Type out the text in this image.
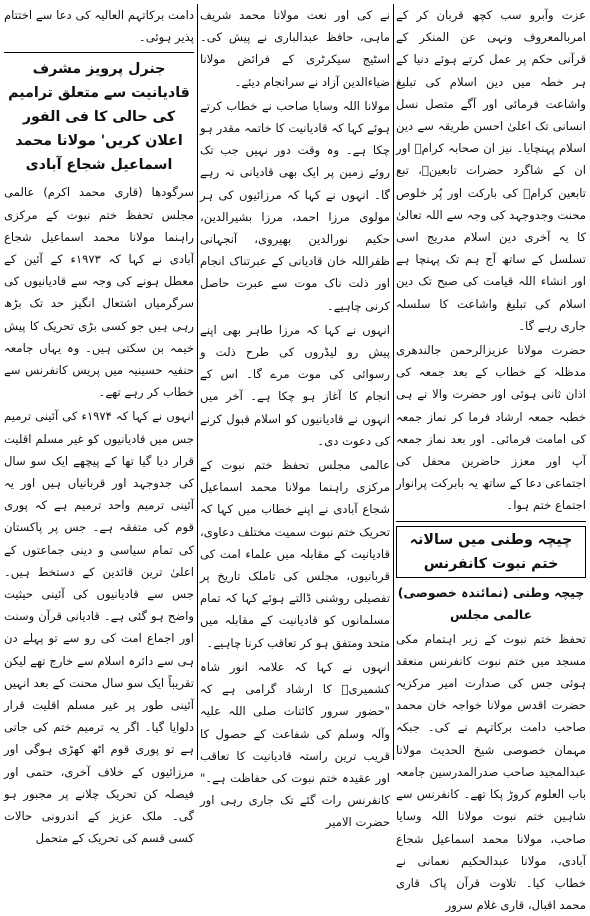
عزت وآبرو سب کچھ قربان کر کے امربالمعروف ونہی عن المنکر کے قرآنی حکم پر عمل کرتے ہوئے دنیا کے ہر خطہ میں دین اسلام کی تبلیغ واشاعت فرمائی اور آگے متصل نسل انسانی تک اعلیٰ احسن طریقہ سے دین اسلام پہنچایا۔ نیز ان صحابہ کرامؓ اور ان کے شاگرد حضرات تابعینؒ، تبع تابعین کرامؒ کی بارکت اور پُر خلوص محنت وجدوجہد کی وجہ سے اللہ تعالیٰ کا یہ آخری دین اسلام مدریج اسی تسلسل کے ساتھ آج ہم تک پہنچا ہے اور انشاء اللہ قیامت کی صبح تک دین اسلام کی تبلیغ واشاعت کا سلسلہ جاری رہے گا۔

حضرت مولانا عزیزالرحمن جالندھری مدظلہ کے خطاب کے بعد جمعہ کی اذان ثانی ہوئی اور حضرت والا نے ہی خطبہ جمعہ ارشاد فرما کر نماز جمعہ کی امامت فرمائی۔ اور بعد نماز جمعہ آپ اور معزز حاضرین محفل کی اجتماعی دعا کے ساتھ یہ بابرکت پرانوار اجتماع ختم ہوا۔

چیچہ وطنی میں سالانہ ختم نبوت کانفرنس
چیچہ وطنی (نمائندہ خصوصی) عالمی مجلس

تحفظ ختم نبوت کے زیر اہتمام مکی مسجد میں ختم نبوت کانفرنس منعقد ہوئی جس کی صدارت امیر مرکزیہ حضرت اقدس مولانا خواجہ خان محمد صاحب دامت برکاتہم نے کی۔ جبکہ مہمان خصوصی شیخ الحدیث مولانا عبدالمجید صاحب صدرالمدرسین جامعہ باب العلوم کروڑ پکا تھے۔ کانفرنس سے شاہین ختم نبوت مولانا اللہ وسایا صاحب، مولانا محمد اسماعیل شجاع آبادی، مولانا عبدالحکیم نعمانی نے خطاب کیا۔ تلاوت قرآن پاک قاری محمد اقبال، قاری غلام سرور

نے کی اور نعت مولانا محمد شریف ماہی، حافظ عبدالباری نے پیش کی۔ اسٹیج سیکرٹری کے فرائض مولانا ضیاءالدین آزاد نے سرانجام دیئے۔

مولانا اللہ وسایا صاحب نے خطاب کرتے ہوئے کہا کہ قادیانیت کا خاتمہ مقدر ہو چکا ہے۔ وہ وقت دور نہیں جب تک روئے زمین پر ایک بھی قادیانی نہ رہے گا۔ انہوں نے کہا کہ مرزائیوں کی ہر مولوی مرزا احمد، مرزا بشیرالدین، حکیم نورالدین بھیروی، آنجہانی ظفراللہ خان قادیانی کے عبرتناک انجام اور ذلت ناک موت سے عبرت حاصل کرنی چاہیے۔

انہوں نے کہا کہ مرزا طاہر بھی اپنے پیش رو لیڈروں کی طرح ذلت و رسوائی کی موت مرے گا۔ اس کے انجام کا آغاز ہو چکا ہے۔ آخر میں انہوں نے قادیانیوں کو اسلام قبول کرنے کی دعوت دی۔

عالمی مجلس تحفظ ختم نبوت کے مرکزی راہنما مولانا محمد اسماعیل شجاع آبادی نے اپنے خطاب میں کہا کہ تحریک ختم نبوت سمیت مختلف دعاوی، قادیانیت کے مقابلہ میں علماء امت کی قربانیوں، مجلس کی تاملک تاریخ پر تفصیلی روشنی ڈالتے ہوئے کہا کہ تمام مسلمانوں کو قادیانیت کے مقابلہ میں متحد ومتفق ہو کر تعاقب کرنا چاہیے۔

انہوں نے کہا کہ علامہ انور شاہ کشمیریؒ کا ارشاد گرامی ہے کہ "حضور سرور کائنات صلی اللہ علیہ وآلہ وسلم کی شفاعت کے حصول کا قریب ترین راستہ قادیانیت کا تعاقب اور عقیدہ ختم نبوت کی حفاظت ہے۔" کانفرنس رات گئے تک جاری رہی اور حضرت الامیر

دامت برکاتہم العالیہ کی دعا سے اختتام پذیر ہوئی۔

جنرل پرویز مشرف قادیانیت سے متعلق ترامیم کی حالی کا فی الفور اعلان کریں' مولانا محمد اسماعیل شجاع آبادی

سرگودھا (قاری محمد اکرم) عالمی مجلس تحفظ ختم نبوت کے مرکزی راہنما مولانا محمد اسماعیل شجاع آبادی نے کہا کہ ۱۹۷۳ء کے آئین کے معطل ہونے کی وجہ سے قادیانیوں کی سرگرمیاں اشتعال انگیز حد تک بڑھ رہی ہیں جو کسی بڑی تحریک کا پیش خیمہ بن سکتی ہیں۔ وہ یہاں جامعہ حنفیہ حسینیہ میں پریس کانفرنس سے خطاب کر رہے تھے۔

انہوں نے کہا کہ ۱۹۷۴ء کی آئینی ترمیم جس میں قادیانیوں کو غیر مسلم اقلیت قرار دیا گیا تھا کے پیچھے ایک سو سال کی جدوجہد اور قربانیاں ہیں اور یہ آئینی ترمیم واحد ترمیم ہے کہ پوری قوم کی متفقہ ہے۔ جس پر پاکستان کی تمام سیاسی و دینی جماعتوں کے اعلیٰ ترین قائدین کے دستخط ہیں۔ جس سے قادیانیوں کی آئینی حیثیت واضح ہو گئی ہے۔ قادیانی قرآن وسنت اور اجماع امت کی رو سے تو پہلے دن ہی سے دائرہ اسلام سے خارج تھے لیکن تقریباً ایک سو سال محنت کے بعد انہیں آئینی طور پر غیر مسلم اقلیت قرار دلوایا گیا۔ اگر یہ ترمیم ختم کی جاتی ہے تو پوری قوم اٹھ کھڑی ہوگی اور مرزائیوں کے خلاف آخری، حتمی اور فیصلہ کن تحریک چلانے پر مجبور ہو گی۔ ملک عزیز کے اندرونی حالات کسی قسم کی تحریک کے متحمل
